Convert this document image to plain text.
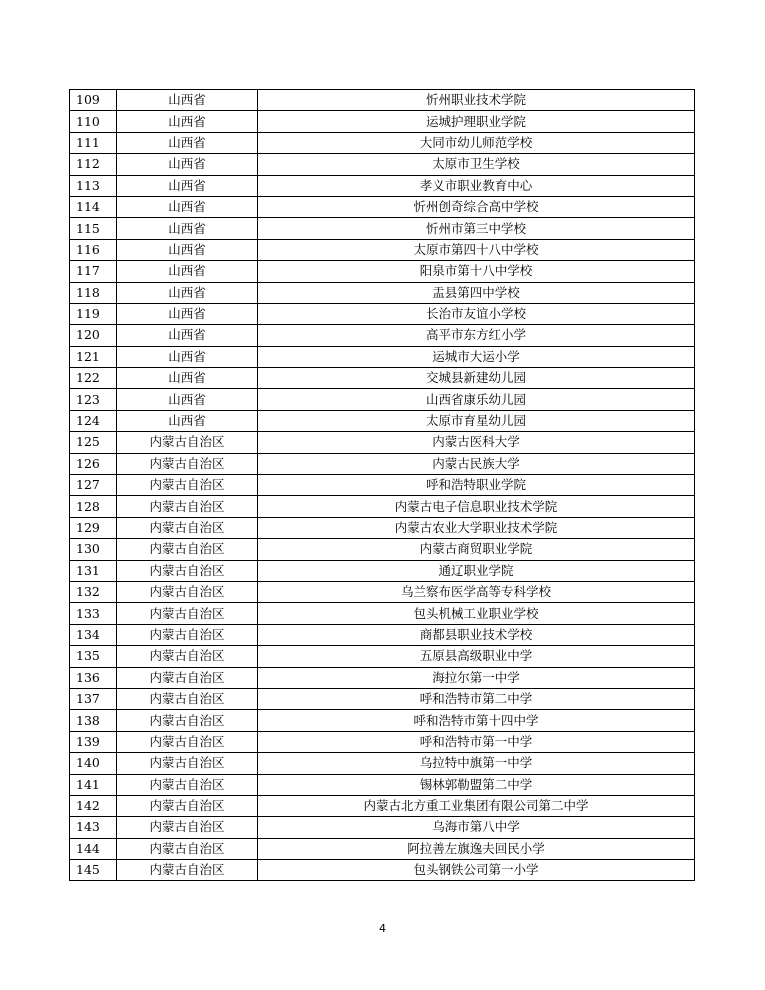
109	山西省	忻州职业技术学院
110	山西省	运城护理职业学院
111	山西省	大同市幼儿师范学校
112	山西省	太原市卫生学校
113	山西省	孝义市职业教育中心
114	山西省	忻州创奇综合高中学校
115	山西省	忻州市第三中学校
116	山西省	太原市第四十八中学校
117	山西省	阳泉市第十八中学校
118	山西省	盂县第四中学校
119	山西省	长治市友谊小学校
120	山西省	高平市东方红小学
121	山西省	运城市大运小学
122	山西省	交城县新建幼儿园
123	山西省	山西省康乐幼儿园
124	山西省	太原市育星幼儿园
125	内蒙古自治区	内蒙古医科大学
126	内蒙古自治区	内蒙古民族大学
127	内蒙古自治区	呼和浩特职业学院
128	内蒙古自治区	内蒙古电子信息职业技术学院
129	内蒙古自治区	内蒙古农业大学职业技术学院
130	内蒙古自治区	内蒙古商贸职业学院
131	内蒙古自治区	通辽职业学院
132	内蒙古自治区	乌兰察布医学高等专科学校
133	内蒙古自治区	包头机械工业职业学校
134	内蒙古自治区	商都县职业技术学校
135	内蒙古自治区	五原县高级职业中学
136	内蒙古自治区	海拉尔第一中学
137	内蒙古自治区	呼和浩特市第二中学
138	内蒙古自治区	呼和浩特市第十四中学
139	内蒙古自治区	呼和浩特市第一中学
140	内蒙古自治区	乌拉特中旗第一中学
141	内蒙古自治区	锡林郭勒盟第二中学
142	内蒙古自治区	内蒙古北方重工业集团有限公司第二中学
143	内蒙古自治区	乌海市第八中学
144	内蒙古自治区	阿拉善左旗逸夫回民小学
145	内蒙古自治区	包头钢铁公司第一小学
4
